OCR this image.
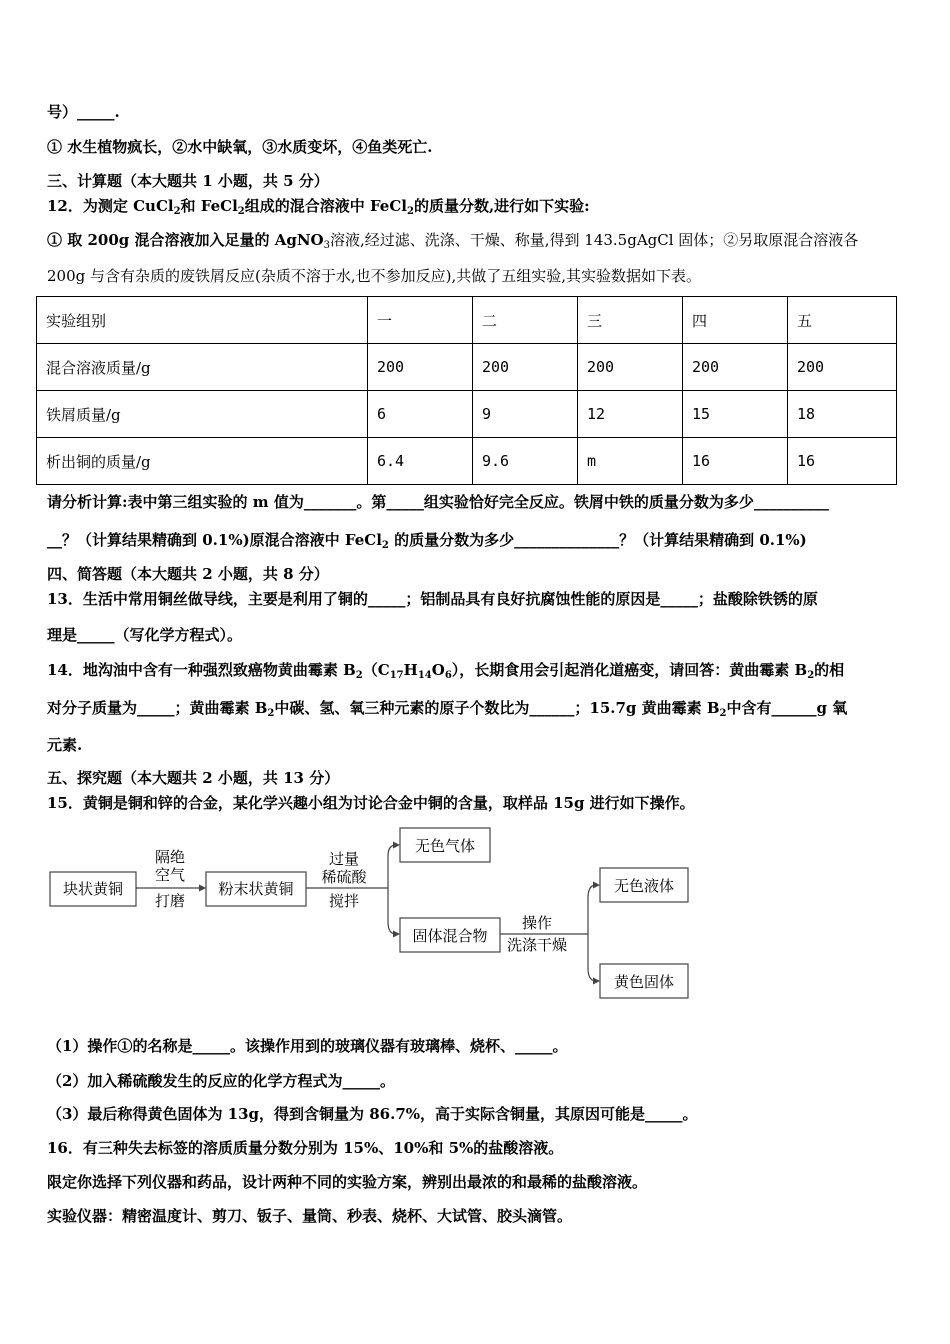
号）_____.
① 水生植物疯长，②水中缺氧，③水质变坏，④鱼类死亡.
三、计算题（本大题共 1 小题，共 5 分）
12．为测定 CuCl$_2$和 FeCl$_2$组成的混合溶液中 FeCl$_2$的质量分数,进行如下实验:
① 取 200g 混合溶液加入足量的 AgNO$_3$溶液,经过滤、洗涤、干燥、称量,得到 143.5gAgCl 固体；②另取原混合溶液各
200g 与含有杂质的废铁屑反应(杂质不溶于水,也不参加反应),共做了五组实验,其实验数据如下表。
实验组别	一	二	三	四	五
混合溶液质量/g	200	200	200	200	200
铁屑质量/g	6	9	12	15	18
析出铜的质量/g	6.4	9.6	m	16	16
请分析计算:表中第三组实验的 m 值为_______。第_____组实验恰好完全反应。铁屑中铁的质量分数为多少__________
__？（计算结果精确到 0.1%)原混合溶液中 FeCl$_2$ 的质量分数为多少______________？（计算结果精确到 0.1%)
四、简答题（本大题共 2 小题，共 8 分）
13．生活中常用铜丝做导线，主要是利用了铜的_____；铝制品具有良好抗腐蚀性能的原因是_____；盐酸除铁锈的原
理是_____（写化学方程式）。
14．地沟油中含有一种强烈致癌物黄曲霉素 $B_2(C_{17}H_{14}O_6)$，长期食用会引起消化道癌变，请回答：黄曲霉素 $B_2$的相
对分子质量为_____；黄曲霉素 $B_2$中碳、氢、氧三种元素的原子个数比为______；15.7g 黄曲霉素 $B_2$中含有______g 氧
元素.
五、探究题（本大题共 2 小题，共 13 分）
15．黄铜是铜和锌的合金，某化学兴趣小组为讨论合金中铜的含量，取样品 15g 进行如下操作。
块状黄铜
隔绝
空气
打磨
粉末状黄铜
过量
稀硫酸
搅拌
无色气体
固体混合物
操作
洗涤干燥
无色液体
黄色固体
（1）操作①的名称是_____。该操作用到的玻璃仪器有玻璃棒、烧杯、_____。
（2）加入稀硫酸发生的反应的化学方程式为_____。
（3）最后称得黄色固体为 13g，得到含铜量为 86.7%，高于实际含铜量，其原因可能是_____。
16．有三种失去标签的溶质质量分数分别为 15%、10%和 5%的盐酸溶液。
限定你选择下列仪器和药品，设计两种不同的实验方案，辨别出最浓的和最稀的盐酸溶液。
实验仪器：精密温度计、剪刀、钣子、量筒、秒表、烧杯、大试管、胶头滴管。
